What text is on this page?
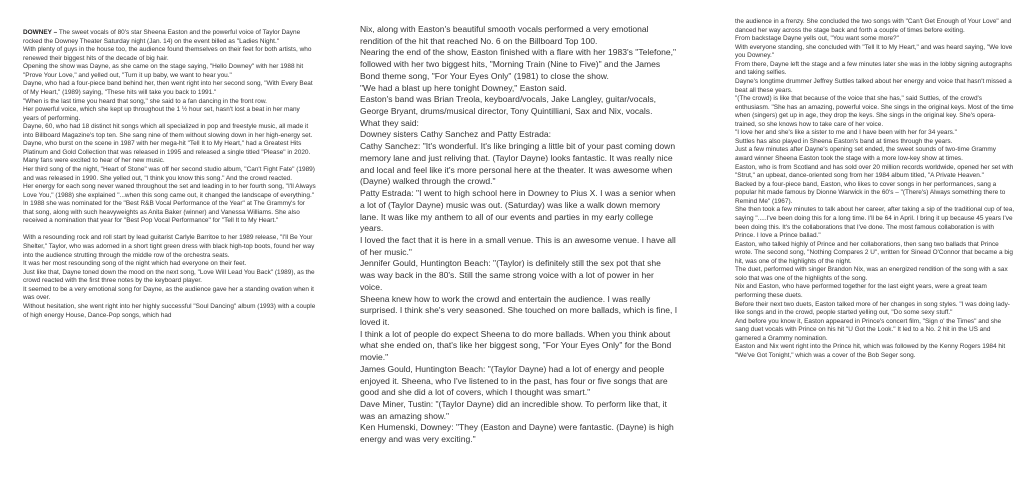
DOWNEY – The sweet vocals of 80's star Sheena Easton and the powerful voice of Taylor Dayne rocked the Downey Theater Saturday night (Jan. 14) on the event billed as "Ladies Night."

With plenty of guys in the house too, the audience found themselves on their feet for both artists, who renewed their biggest hits of the decade of big hair.

Opening the show was Dayne, as she came on the stage saying, "Hello Downey" with her 1988 hit "Prove Your Love," and yelled out, "Turn it up baby, we want to hear you."

Dayne, who had a four-piece band behind her, then went right into her second song, "With Every Beat of My Heart," (1989) saying, "These hits will take you back to 1991."

"When is the last time you heard that song," she said to a fan dancing in the front row.

Her powerful voice, which she kept up throughout the 1 ½ hour set, hasn't lost a beat in her many years of performing.

Dayne, 60, who had 18 distinct hit songs which all specialized in pop and freestyle music, all made it into Billboard Magazine's top ten. She sang nine of them without slowing down in her high-energy set.

Dayne, who burst on the scene in 1987 with her mega-hit "Tell It to My Heart," had a Greatest Hits Platinum and Gold Collection that was released in 1995 and released a single titled "Please" in 2020. Many fans were excited to hear of her new music.

Her third song of the night, "Heart of Stone" was off her second studio album, "Can't Fight Fate" (1989) and was released in 1990. She yelled out, "I think you know this song." And the crowd reacted.

Her energy for each song never waned throughout the set and leading in to her fourth song, "I'll Always Love You," (1988) she explained "...when this song came out, it changed the landscape of everything."

In 1988 she was nominated for the "Best R&B Vocal Performance of the Year" at The Grammy's for that song, along with such heavyweights as Anita Baker (winner) and Vanessa Williams. She also received a nomination that year for "Best Pop Vocal Performance" for "Tell It to My Heart."

With a resounding rock and roll start by lead guitarist Carlyle Barritoe to her 1989 release, "I'll Be Your Shelter," Taylor, who was adorned in a short tight green dress with black high-top boots, found her way into the audience strutting through the middle row of the orchestra seats.

It was her most resounding song of the night which had everyone on their feet.

Just like that, Dayne toned down the mood on the next song, "Love Will Lead You Back" (1989), as the crowd reacted with the first three notes by the keyboard player.

It seemed to be a very emotional song for Dayne, as the audience gave her a standing ovation when it was over.

Without hesitation, she went right into her highly successful "Soul Dancing" album (1993) with a couple of high energy House, Dance-Pop songs, which had

Nix, along with Easton's beautiful smooth vocals performed a very emotional rendition of the hit that reached No. 6 on the Billboard Top 100.

Nearing the end of the show, Easton finished with a flare with her 1983's "Telefone," followed with her two biggest hits, "Morning Train (Nine to Five)" and the James Bond theme song, "For Your Eyes Only" (1981) to close the show.

"We had a blast up here tonight Downey," Easton said.

Easton's band was Brian Treola, keyboard/vocals, Jake Langley, guitar/vocals, George Bryant, drums/musical director, Tony Quintilliani, Sax and Nix, vocals.

What they said:

Downey sisters Cathy Sanchez and Patty Estrada:

Cathy Sanchez: "It's wonderful. It's like bringing a little bit of your past coming down memory lane and just reliving that. (Taylor Dayne) looks fantastic. It was really nice and local and feel like it's more personal here at the theater. It was awesome when (Dayne) walked through the crowd."

Patty Estrada: "I went to high school here in Downey to Pius X. I was a senior when a lot of (Taylor Dayne) music was out. (Saturday) was like a walk down memory lane. It was like my anthem to all of our events and parties in my early college years.

I loved the fact that it is here in a small venue. This is an awesome venue. I have all of her music."

Jennifer Gould, Huntington Beach: "(Taylor) is definitely still the sex pot that she was way back in the 80's. Still the same strong voice with a lot of power in her voice.

Sheena knew how to work the crowd and entertain the audience. I was really surprised. I think she's very seasoned. She touched on more ballads, which is fine, I loved it.

I think a lot of people do expect Sheena to do more ballads. When you think about what she ended on, that's like her biggest song, "For Your Eyes Only" for the Bond movie."

James Gould, Huntington Beach: "(Taylor Dayne) had a lot of energy and people enjoyed it. Sheena, who I've listened to in the past, has four or five songs that are good and she did a lot of covers, which I thought was smart."

Dave Miner, Tustin: "(Taylor Dayne) did an incredible show. To perform like that, it was an amazing show."

Ken Humenski, Downey: "They (Easton and Dayne) were fantastic. (Dayne) is high energy and was very exciting."

the audience in a frenzy. She concluded the two songs with "Can't Get Enough of Your Love" and danced her way across the stage back and forth a couple of times before exiting.

From backstage Dayne yells out, "You want some more?"

With everyone standing, she concluded with "Tell It to My Heart," and was heard saying, "We love you Downey."

From there, Dayne left the stage and a few minutes later she was in the lobby signing autographs and taking selfies.

Dayne's longtime drummer Jeffrey Suttles talked about her energy and voice that hasn't missed a beat all these years.

"(The crowd) is like that because of the voice that she has," said Suttles, of the crowd's enthusiasm. "She has an amazing, powerful voice. She sings in the original keys. Most of the time when (singers) get up in age, they drop the keys. She sings in the original key. She's opera-trained, so she knows how to take care of her voice.

"I love her and she's like a sister to me and I have been with her for 34 years."

Suttles has also played in Sheena Easton's band at times through the years.

Just a few minutes after Dayne's opening set ended, the sweet sounds of two-time Grammy award winner Sheena Easton took the stage with a more low-key show at times.

Easton, who is from Scotland and has sold over 20 million records worldwide, opened her set with "Strut," an upbeat, dance-oriented song from her 1984 album titled, "A Private Heaven."

Backed by a four-piece band, Easton, who likes to cover songs in her performances, sang a popular hit made famous by Dionne Warwick in the 60's – "(There's) Always something there to Remind Me" (1967).

She then took a few minutes to talk about her career, after taking a sip of the traditional cup of tea, saying ".....I've been doing this for a long time. I'll be 64 in April. I bring it up because 45 years I've been doing this. It's the collaborations that I've done. The most famous collaboration is with Prince. I love a Prince ballad."

Easton, who talked highly of Prince and her collaborations, then sang two ballads that Prince wrote. The second song, "Nothing Compares 2 U", written for Sinead O'Connor that became a big hit, was one of the highlights of the night.

The duet, performed with singer Brandon Nix, was an energized rendition of the song with a sax solo that was one of the highlights of the song.

Nix and Easton, who have performed together for the last eight years, were a great team performing these duets.

Before their next two duets, Easton talked more of her changes in song styles. "I was doing lady-like songs and in the crowd, people started yelling out, "Do some sexy stuff."

And before you know it, Easton appeared in Prince's concert film, "Sign o' the Times" and she sang duet vocals with Prince on his hit "U Got the Look." It led to a No. 2 hit in the US and garnered a Grammy nomination.

Easton and Nix went right into the Prince hit, which was followed by the Kenny Rogers 1984 hit "We've Got Tonight," which was a cover of the Bob Seger song.
